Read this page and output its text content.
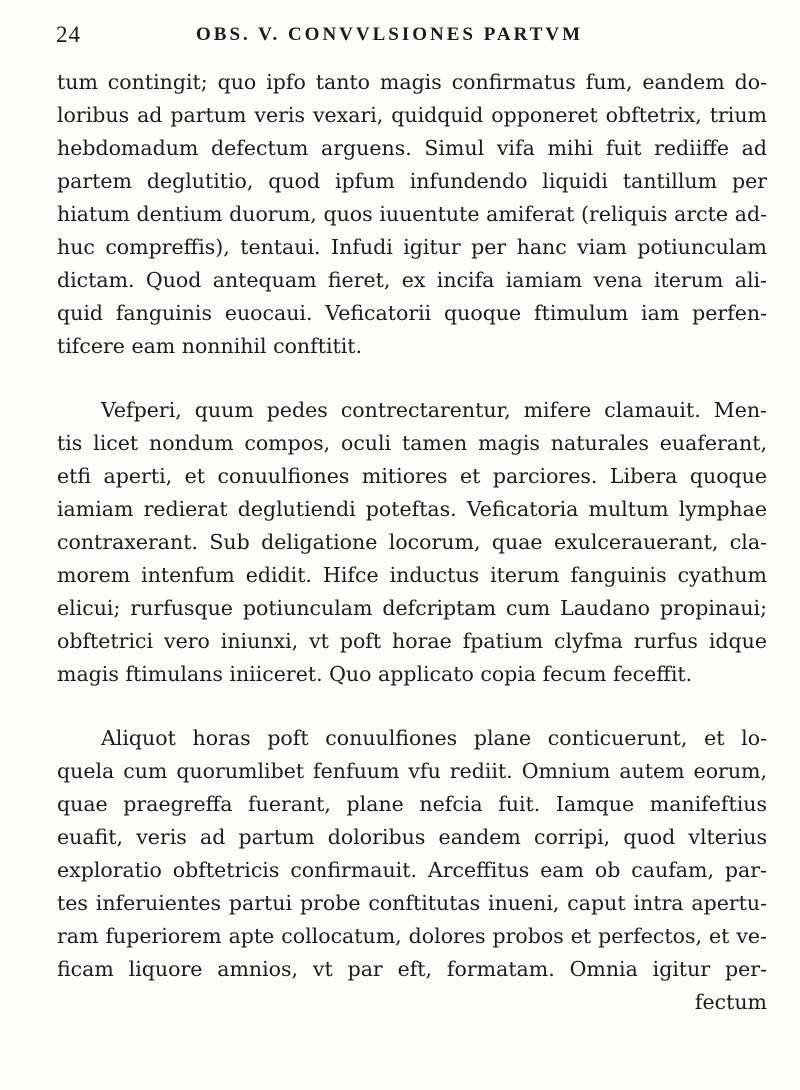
24	OBS. V. CONVVLSIONES PARTVM
tum contingit; quo ipfo tanto magis confirmatus fum, eandem do-
loribus ad partum veris vexari, quidquid opponeret obftetrix, trium
hebdomadum defectum arguens. Simul vifa mihi fuit rediiffe ad
partem deglutitio, quod ipfum infundendo liquidi tantillum per
hiatum dentium duorum, quos iuuentute amiferat (reliquis arcte ad-
huc compreffis), tentaui. Infudi igitur per hanc viam potiunculam
dictam. Quod antequam fieret, ex incifa iamiam vena iterum ali-
quid fanguinis euocaui. Veficatorii quoque ftimulum iam perfen-
tifcere eam nonnihil conftitit.
Vefperi, quum pedes contrectarentur, mifere clamauit. Men-
tis licet nondum compos, oculi tamen magis naturales euaferant,
etfi aperti, et conuulfiones mitiores et parciores. Libera quoque
iamiam redierat deglutiendi poteftas. Veficatoria multum lymphae
contraxerant. Sub deligatione locorum, quae exulcerauerant, cla-
morem intenfum edidit. Hifce inductus iterum fanguinis cyathum
elicui; rurfusque potiunculam defcriptam cum Laudano propinaui;
obftetrici vero iniunxi, vt poft horae fpatium clyfma rurfus idque
magis ftimulans iniiceret. Quo applicato copia fecum feceffit.
Aliquot horas poft conuulfiones plane conticuerunt, et lo-
quela cum quorumlibet fenfuum vfu rediit. Omnium autem eorum,
quae praegreffa fuerant, plane nefcia fuit. Iamque manifeftius
euafit, veris ad partum doloribus eandem corripi, quod vlterius
exploratio obftetricis confirmauit. Arceffitus eam ob caufam, par-
tes inferuientes partui probe conftitutas inueni, caput intra apertu-
ram fuperiorem apte collocatum, dolores probos et perfectos, et ve-
ficam liquore amnios, vt par eft, formatam. Omnia igitur per-
fectum
